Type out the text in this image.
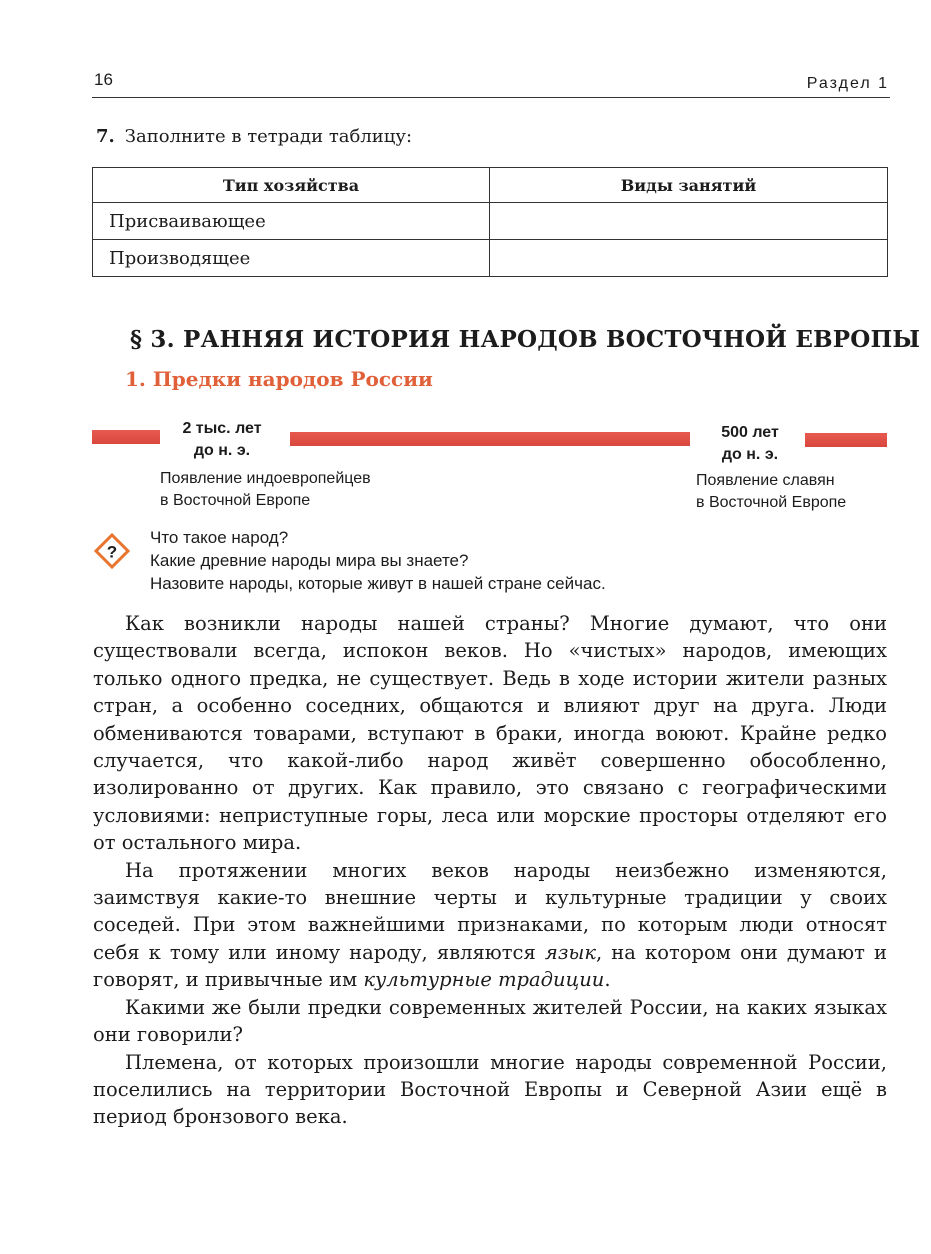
16	Раздел 1
7. Заполните в тетради таблицу:
Тип хозяйства	Виды занятий
Присваивающее	
Производящее	
§ 3. РАННЯЯ ИСТОРИЯ НАРОДОВ ВОСТОЧНОЙ ЕВРОПЫ
1. Предки народов России
2 тыс. лет
до н. э.
Появление индоевропейцев
в Восточной Европе
500 лет
до н. э.
Появление славян
в Восточной Европе
?
Что такое народ?
Какие древние народы мира вы знаете?
Назовите народы, которые живут в нашей стране сейчас.

Как возникли народы нашей страны? Многие думают, что они существовали всегда, испокон веков. Но «чистых» народов, имеющих только одного предка, не существует. Ведь в ходе истории жители разных стран, а особенно соседних, общаются и влияют друг на друга. Люди обмениваются товарами, вступают в браки, иногда воюют. Крайне редко случается, что какой-либо народ живёт совершенно обособленно, изолированно от других. Как правило, это связано с географическими условиями: неприступные горы, леса или морские просторы отделяют его от остального мира.

На протяжении многих веков народы неизбежно изменяются, заимствуя какие-то внешние черты и культурные традиции у своих соседей. При этом важнейшими признаками, по которым люди относят себя к тому или иному народу, являются язык, на котором они думают и говорят, и привычные им культурные традиции.

Какими же были предки современных жителей России, на каких языках они говорили?

Племена, от которых произошли многие народы современной России, поселились на территории Восточной Европы и Северной Азии ещё в период бронзового века.
